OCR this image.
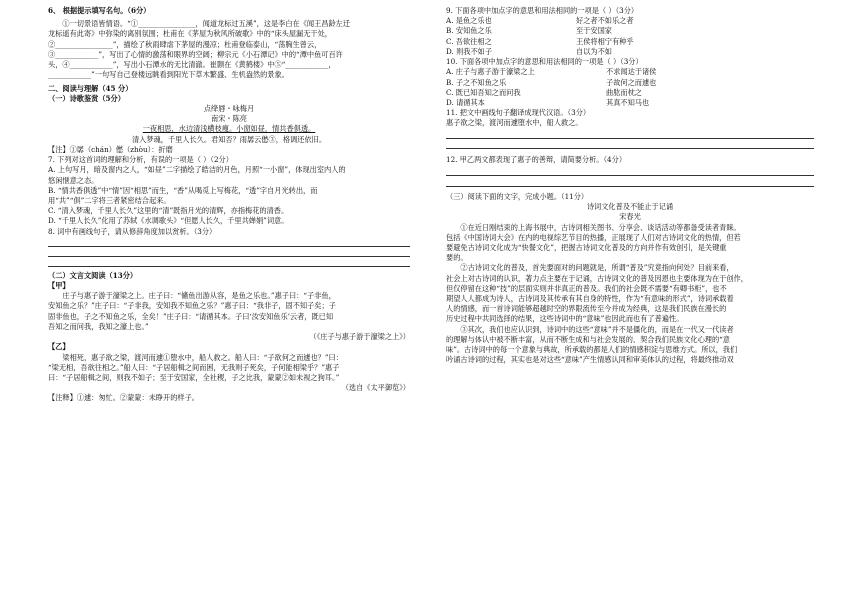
6、 根据提示填写名句。（6分）

①一切景语皆情语。“①________________，闻道龙标过五溪”，这是李白在《闻王昌龄左迁

龙标遥有此寄》中弥染的离别氛围；杜甫在《茅屋为秋风所破歌》中的“床头屋漏无干处，

②________________”，描绘了秋雨肆虐下茅屋的漫凉；杜甫登临泰山，“荡胸生曾云，

③____________”，写出了心情的激荡和眼界的空阔；柳宗元《小石潭记》中的“潭中鱼可百许

头，④____________”，写出小石潭水的无比清澈。崔颢在《黄鹤楼》中⑤“____________，

____________”一句写自己登楼远眺看到阳光下草木繁盛、生机盎然的景象。

二、阅读与理解（45 分）

（一）诗歌鉴赏（5分）

点绛唇・咏梅月

南宋・陈亮

一夜相思，水边清浅横枝瘦。小窗如昼，情共香俱透。

清入梦魂，千里人长久。君知否？雨孱云僽③，格调还依旧。

【注】①孱（chán）僽（zhòu）：折磨

7. 下列对这首词的理解和分析，有误的一项是（ ）（2分）

A. 上句写月，暗及窗内之人，“如昼”二字描绘了皓洁的月色，月照“一小窗”，体现出室内人的

悠闲惬意之态。

B. “情共香俱透”中“情”因“相思”而生，“香”从喝觅上写梅花，“透”字自月光转出，而

用“共”“俱”二字将三者紧密结合起来。

C. “清入梦魂，千里人长久”这里的“清”既指月光的清辉，亦指梅花的清香。

D. “千里人长久”化用了苏轼《水调歌头》“但愿人长久，千里共婵娟”词意。

8. 词中有画线句子，请从修辞角度加以赏析。（3分）

（二）文言文阅读（13分）

【甲】

庄子与惠子游于濠梁之上。庄子曰：“鯈鱼出游从容，是鱼之乐也。”惠子曰：“子非鱼，

安知鱼之乐？”庄子曰：“子非我，安知我不知鱼之乐？”惠子曰：“我非子，固不知子矣；子

固非鱼也，子之不知鱼之乐，全矣！”庄子曰：“请循其本。子曰‘汝安知鱼乐’云者，既已知

吾知之而问我，我知之濠上也。”

（《庄子与惠子游于濠梁之上》）

【乙】

梁相死，惠子欲之梁，渡河而遽①堕水中，船人救之。船人曰：“子欲何之而遽也？”曰：

“梁无相，吾欲往相之。”船人曰：“子居船楫之间而困，无我则子死矣，子何能相梁乎？”惠子

曰：“子居船楫之间，则我不如子；至于安国家，全社稷，子之比我，蒙蒙②如未视之狗耳。”

（选自《太平御览》）

【注释】①遽：匆忙。②蒙蒙：未睁开的样子。

9. 下面各项中加点字的意思和用法相同的一项是（ ）（3分）

A. 是鱼之乐也	好之者不如乐之者
B. 安知鱼之乐	至于安国家
C. 吾欲往相之	王侯将相宁有种乎
D. 则我不如子	自以为不如

10. 下面各项中加点字的意思和用法相同的一项是（ ）（3分）

A. 庄子与惠子游于濠梁之上	不求闻达于诸侯
B. 子之不知鱼之乐	子故何之而遽也
C. 既已知吾知之而问我	曲肱而枕之
D. 请循其本	其真不知马也

11. 把文中画线句子翻译成现代汉语。（3分）

惠子欲之梁，渡河而遽堕水中，船人救之。

12. 甲乙两文都表现了惠子的善辩，请简要分析。（4分）

（三）阅读下面的文字，完成小题。（11分）

诗词文化普及不能止于记诵

宋春光

①在近日刚结束的上海书展中，古诗词相关图书、分享会、谈话活动等都备受读者青睐。

包括《中国诗词大会》在内的电视综艺节目的热播，正展现了人们对古诗词文化的热情，但若

要避免古诗词文化成为“快餐文化”，把握古诗词文化普及的方向并作有效创引，是关键重

要的。

②古诗词文化的普及，首先要面对的问题就是，所谓“普及”究竟指向何处？目前来看，

社会上对古诗词的认识，著力点主要在于记诵，古诗词文化的普及因恩也主要体现为在于创作，

但仅停留在这种“技”的层面实则并非真正的普及。我们的社会既不需要“有卿书柜”，也不

期望人人都成为诗人，古诗词及其传承有其自身的特性，作为“有意味的形式”，诗词承载着

人的情感，而一首诗词能够超越时空的界限流传至今并成为经典，这是我们民族在漫长的

历史过程中共同选择的结果，这些诗词中的“意味”也因此而也有了普遍性。

③其次，我们也应认识到，诗词中的这些“意味”并不是僵化的，而是在一代又一代读者

的理解与体认中被不断丰富，从而不断生成和与社会发展的、契合我们民族文化心理的“意

味”。古诗词中的每一个意象与典故，所承载的都是人们的情感积淀与思维方式。所以，我们

吟诵古诗词的过程，其实也是对这些“意味”产生情感认同和审美体认的过程，将最终推动双
